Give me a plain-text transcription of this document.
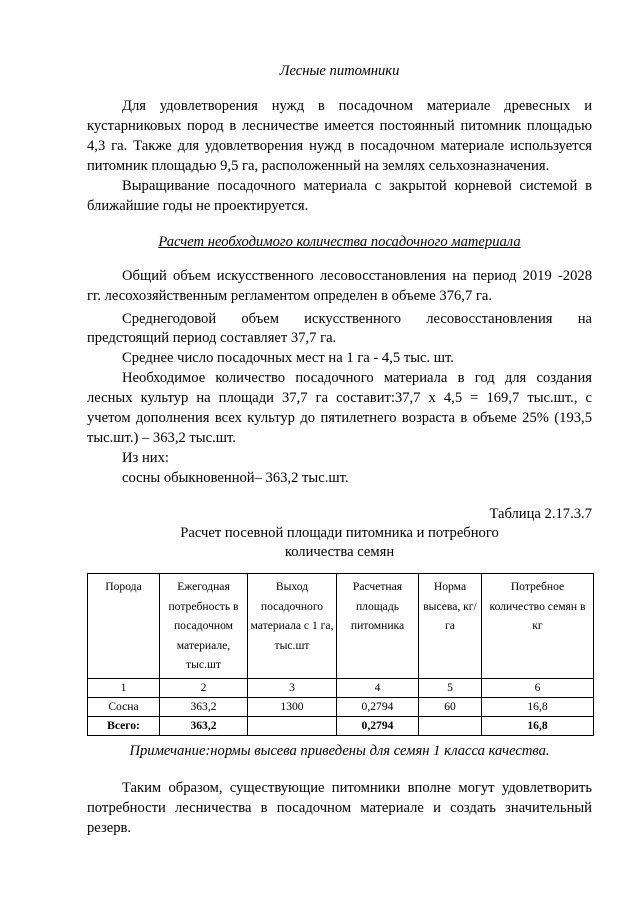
Лесные питомники
Для удовлетворения нужд в посадочном материале древесных и
кустарниковых пород в лесничестве имеется постоянный питомник площадью
4,3 га. Также для удовлетворения нужд в посадочном материале используется
питомник площадью 9,5 га, расположенный на землях сельхозназначения.
Выращивание посадочного материала с закрытой корневой системой в
ближайшие годы не проектируется.
Расчет необходимого количества посадочного материала
Общий объем искусственного лесовосстановления на период 2019 -2028
гг. лесохозяйственным регламентом определен в объеме 376,7 га.
Среднегодовой объем искусственного лесовосстановления на
предстоящий период составляет 37,7 га.
Среднее число посадочных мест на 1 га - 4,5 тыс. шт.
Необходимое количество посадочного материала в год для создания
лесных культур на площади 37,7 га составит:37,7 х 4,5 = 169,7 тыс.шт., с
учетом дополнения всех культур до пятилетнего возраста в объеме 25% (193,5
тыс.шт.) – 363,2 тыс.шт.
Из них:
сосны обыкновенной– 363,2 тыс.шт.
Таблица 2.17.3.7
Расчет посевной площади питомника и потребного
количества семян
Порода	Ежегодная потребность в посадочном материале, тыс.шт	Выход посадочного материала с 1 га, тыс.шт	Расчетная площадь питомника	Норма высева, кг/га	Потребное количество семян в кг
1	2	3	4	5	6
Сосна	363,2	1300	0,2794	60	16,8
Всего:	363,2		0,2794		16,8
Примечание:нормы высева приведены для семян 1 класса качества.
Таким образом, существующие питомники вполне могут удовлетворить
потребности лесничества в посадочном материале и создать значительный
резерв.
